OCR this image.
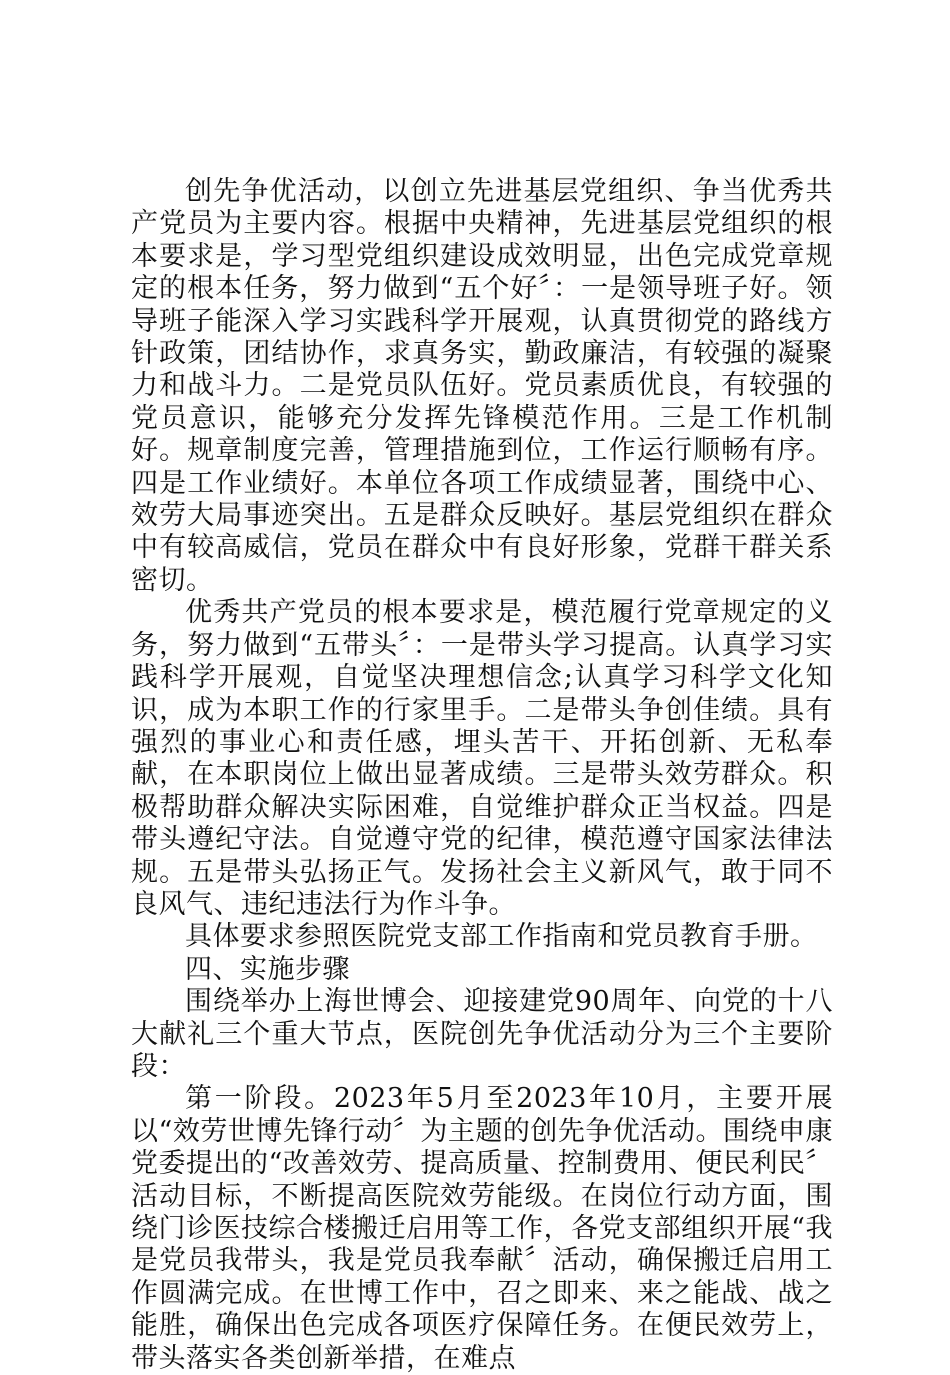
创先争优活动，以创立先进基层党组织、争当优秀共产党员为主要内容。根据中央精神，先进基层党组织的根本要求是，学习型党组织建设成效明显，出色完成党章规定的根本任务，努力做到“五个好〞：一是领导班子好。领导班子能深入学习实践科学开展观，认真贯彻党的路线方针政策，团结协作，求真务实，勤政廉洁，有较强的凝聚力和战斗力。二是党员队伍好。党员素质优良，有较强的党员意识，能够充分发挥先锋模范作用。三是工作机制好。规章制度完善，管理措施到位，工作运行顺畅有序。四是工作业绩好。本单位各项工作成绩显著，围绕中心、效劳大局事迹突出。五是群众反映好。基层党组织在群众中有较高威信，党员在群众中有良好形象，党群干群关系密切。

优秀共产党员的根本要求是，模范履行党章规定的义务，努力做到“五带头〞：一是带头学习提高。认真学习实践科学开展观，自觉坚决理想信念;认真学习科学文化知识，成为本职工作的行家里手。二是带头争创佳绩。具有强烈的事业心和责任感，埋头苦干、开拓创新、无私奉献，在本职岗位上做出显著成绩。三是带头效劳群众。积极帮助群众解决实际困难，自觉维护群众正当权益。四是带头遵纪守法。自觉遵守党的纪律，模范遵守国家法律法规。五是带头弘扬正气。发扬社会主义新风气，敢于同不良风气、违纪违法行为作斗争。

具体要求参照医院党支部工作指南和党员教育手册。

四、实施步骤

围绕举办上海世博会、迎接建党90周年、向党的十八大献礼三个重大节点，医院创先争优活动分为三个主要阶段：

第一阶段。2023年5月至2023年10月，主要开展以“效劳世博先锋行动〞为主题的创先争优活动。围绕申康党委提出的“改善效劳、提高质量、控制费用、便民利民〞活动目标，不断提高医院效劳能级。在岗位行动方面，围绕门诊医技综合楼搬迁启用等工作，各党支部组织开展“我是党员我带头，我是党员我奉献〞活动，确保搬迁启用工作圆满完成。在世博工作中，召之即来、来之能战、战之能胜，确保出色完成各项医疗保障任务。在便民效劳上，带头落实各类创新举措，在难点
